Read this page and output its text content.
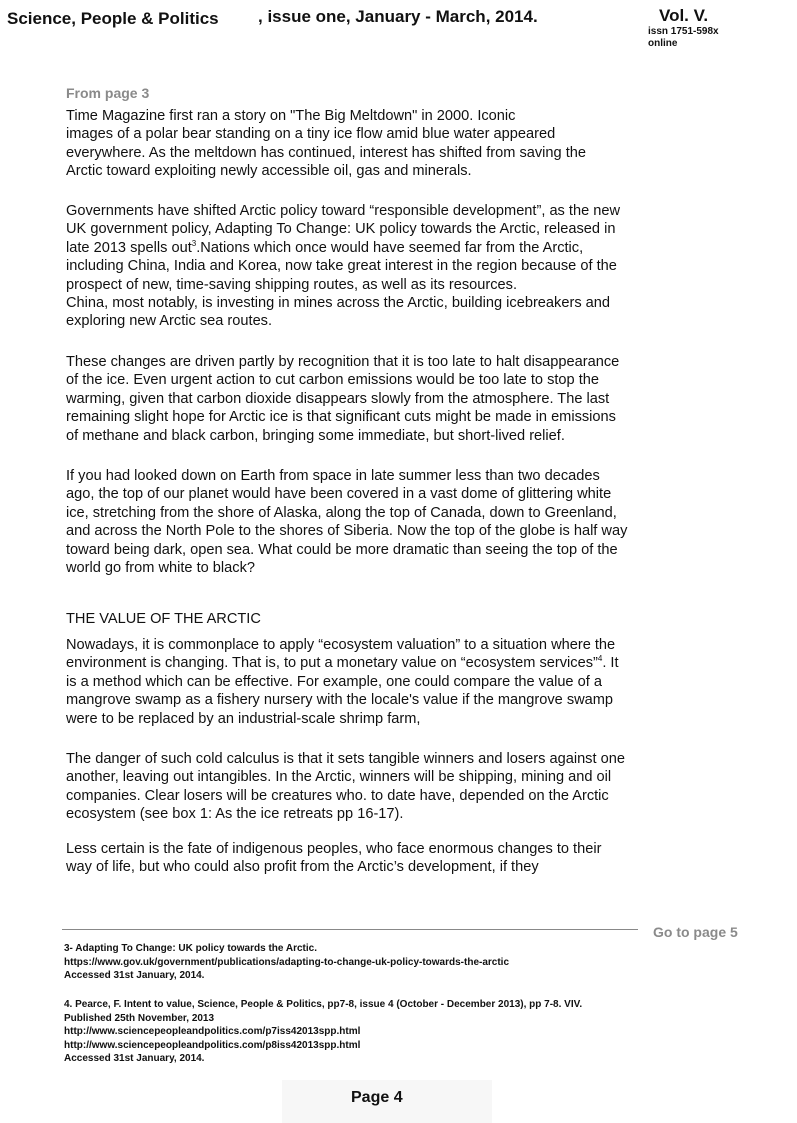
Science, People & Politics , issue one, January - March, 2014.	Vol. V.
issn 1751-598x
online
From page 3

Time Magazine first ran a story on "The Big Meltdown" in 2000. Iconic
images of a polar bear standing on a tiny ice flow amid blue water appeared
everywhere. As the meltdown has continued, interest has shifted from saving the
Arctic toward exploiting newly accessible oil, gas and minerals.

Governments have shifted Arctic policy toward “responsible development”, as the new
UK government policy, Adapting To Change: UK policy towards the Arctic, released in
late 2013 spells out$^3$.Nations which once would have seemed far from the Arctic,
including China, India and Korea, now take great interest in the region because of the
prospect of new, time-saving shipping routes, as well as its resources.
China, most notably, is investing in mines across the Arctic, building icebreakers and
exploring new Arctic sea routes.

These changes are driven partly by recognition that it is too late to halt disappearance
of the ice. Even urgent action to cut carbon emissions would be too late to stop the
warming, given that carbon dioxide disappears slowly from the atmosphere. The last
remaining slight hope for Arctic ice is that significant cuts might be made in emissions
of methane and black carbon, bringing some immediate, but short-lived relief.

If you had looked down on Earth from space in late summer less than two decades
ago, the top of our planet would have been covered in a vast dome of glittering white
ice, stretching from the shore of Alaska, along the top of Canada, down to Greenland,
and across the North Pole to the shores of Siberia. Now the top of the globe is half way
toward being dark, open sea. What could be more dramatic than seeing the top of the
world go from white to black?

THE VALUE OF THE ARCTIC

Nowadays, it is commonplace to apply “ecosystem valuation” to a situation where the
environment is changing. That is, to put a monetary value on “ecosystem services”$^4$. It
is a method which can be effective. For example, one could compare the value of a
mangrove swamp as a fishery nursery with the locale's value if the mangrove swamp
were to be replaced by an industrial-scale shrimp farm,

The danger of such cold calculus is that it sets tangible winners and losers against one
another, leaving out intangibles. In the Arctic, winners will be shipping, mining and oil
companies. Clear losers will be creatures who. to date have, depended on the Arctic
ecosystem (see box 1: As the ice retreats pp 16-17).

Less certain is the fate of indigenous peoples, who face enormous changes to their
way of life, but who could also profit from the Arctic’s development, if they

Go to page 5

3- Adapting To Change: UK policy towards the Arctic.

https://www.gov.uk/government/publications/adapting-to-change-uk-policy-towards-the-arctic

Accessed 31st January, 2014.

4. Pearce, F. Intent to value, Science, People & Politics, pp7-8, issue 4 (October - December 2013), pp 7-8. VIV.

Published 25th November, 2013

http://www.sciencepeopleandpolitics.com/p7iss42013spp.html

http://www.sciencepeopleandpolitics.com/p8iss42013spp.html

Accessed 31st January, 2014.

Page 4
